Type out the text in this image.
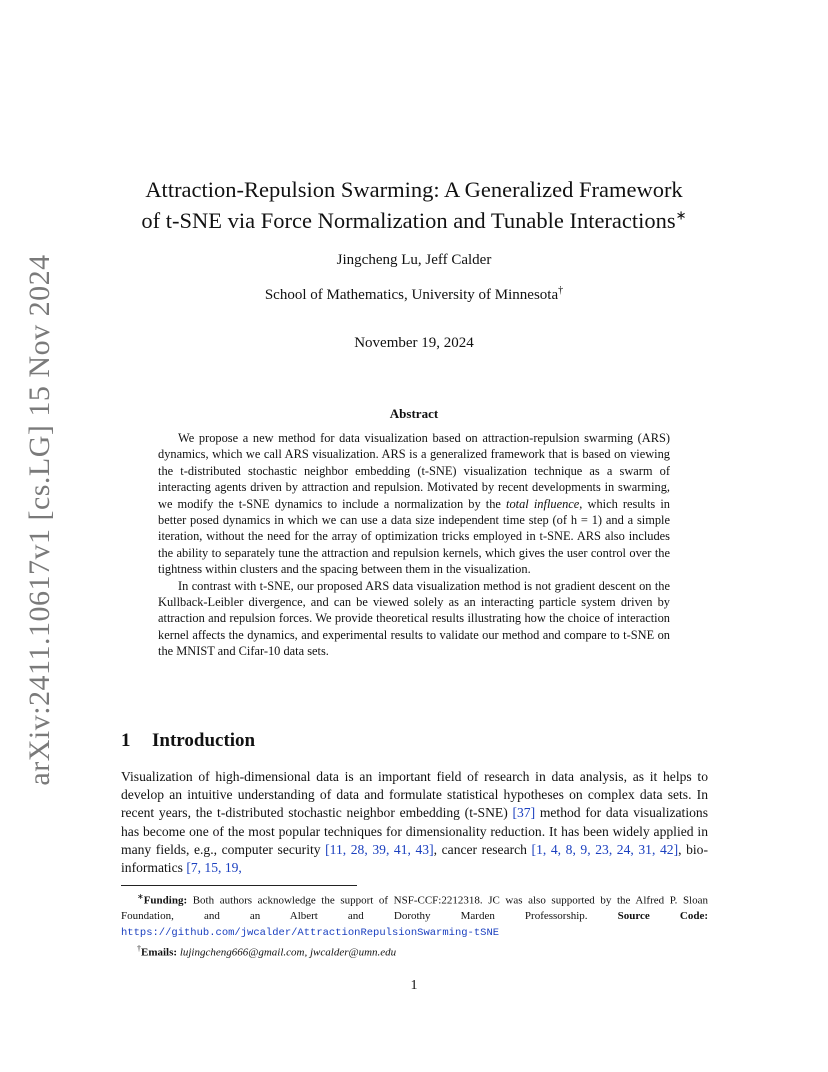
arXiv:2411.10617v1 [cs.LG] 15 Nov 2024
Attraction-Repulsion Swarming: A Generalized Framework
of t-SNE via Force Normalization and Tunable Interactions∗
Jingcheng Lu, Jeff Calder
School of Mathematics, University of Minnesota†
November 19, 2024
Abstract

We propose a new method for data visualization based on attraction-repulsion swarming (ARS) dynamics, which we call ARS visualization. ARS is a generalized framework that is based on viewing the t-distributed stochastic neighbor embedding (t-SNE) visualization technique as a swarm of interacting agents driven by attraction and repulsion. Motivated by recent developments in swarming, we modify the t-SNE dynamics to include a normalization by the total influence, which results in better posed dynamics in which we can use a data size independent time step (of h = 1) and a simple iteration, without the need for the array of optimization tricks employed in t-SNE. ARS also includes the ability to separately tune the attraction and repulsion kernels, which gives the user control over the tightness within clusters and the spacing between them in the visualization.

In contrast with t-SNE, our proposed ARS data visualization method is not gradient descent on the Kullback-Leibler divergence, and can be viewed solely as an interacting particle system driven by attraction and repulsion forces. We provide theoretical results illustrating how the choice of interaction kernel affects the dynamics, and experimental results to validate our method and compare to t-SNE on the MNIST and Cifar-10 data sets.

1 Introduction

Visualization of high-dimensional data is an important field of research in data analysis, as it helps to develop an intuitive understanding of data and formulate statistical hypotheses on complex data sets. In recent years, the t-distributed stochastic neighbor embedding (t-SNE) [37] method for data visualizations has become one of the most popular techniques for dimensionality reduction. It has been widely applied in many fields, e.g., computer security [11, 28, 39, 41, 43], cancer research [1, 4, 8, 9, 23, 24, 31, 42], bio-informatics [7, 15, 19,

∗Funding: Both authors acknowledge the support of NSF-CCF:2212318. JC was also supported by the Alfred P. Sloan Foundation, and an Albert and Dorothy Marden Professorship. Source Code: https://github.com/jwcalder/AttractionRepulsionSwarming-tSNE

†Emails: lujingcheng666@gmail.com, jwcalder@umn.edu

1
